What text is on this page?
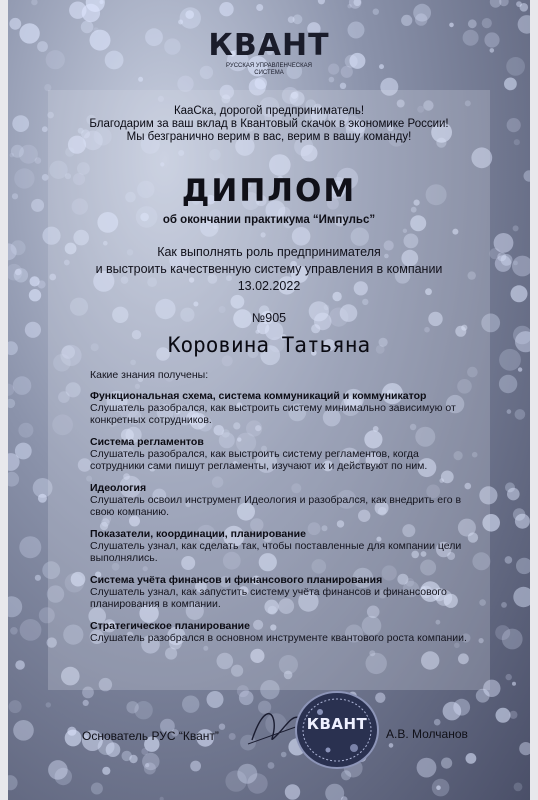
КВАНТ
РУССКАЯ УПРАВЛЕНЧЕСКАЯ
СИСТЕМА
КааСка, дорогой предприниматель!
Благодарим за ваш вклад в Квантовый скачок в экономике России!
Мы безгранично верим в вас, верим в вашу команду!
ДИПЛОМ
об окончании практикума “Импульс”
Как выполнять роль предпринимателя
и выстроить качественную систему управления в компании
13.02.2022
№905
Коровина Татьяна
Какие знания получены:
Функциональная схема, система коммуникаций и коммуникатор
Слушатель разобрался, как выстроить систему минимально зависимую от конкретных сотрудников.
Система регламентов
Слушатель разобрался, как выстроить систему регламентов, когда сотрудники сами пишут регламенты, изучают их и действуют по ним.
Идеология
Слушатель освоил инструмент Идеология и разобрался, как внедрить его в свою компанию.
Показатели, координации, планирование
Слушатель узнал, как сделать так, чтобы поставленные для компании цели выполнялись.
Система учёта финансов и финансового планирования
Слушатель узнал, как запустить систему учёта финансов и финансового планирования в компании.
Стратегическое планирование
Слушатель разобрался в основном инструменте квантового роста компании.
Основатель РУС “Квант”
КВАНТ
А.В. Молчанов
